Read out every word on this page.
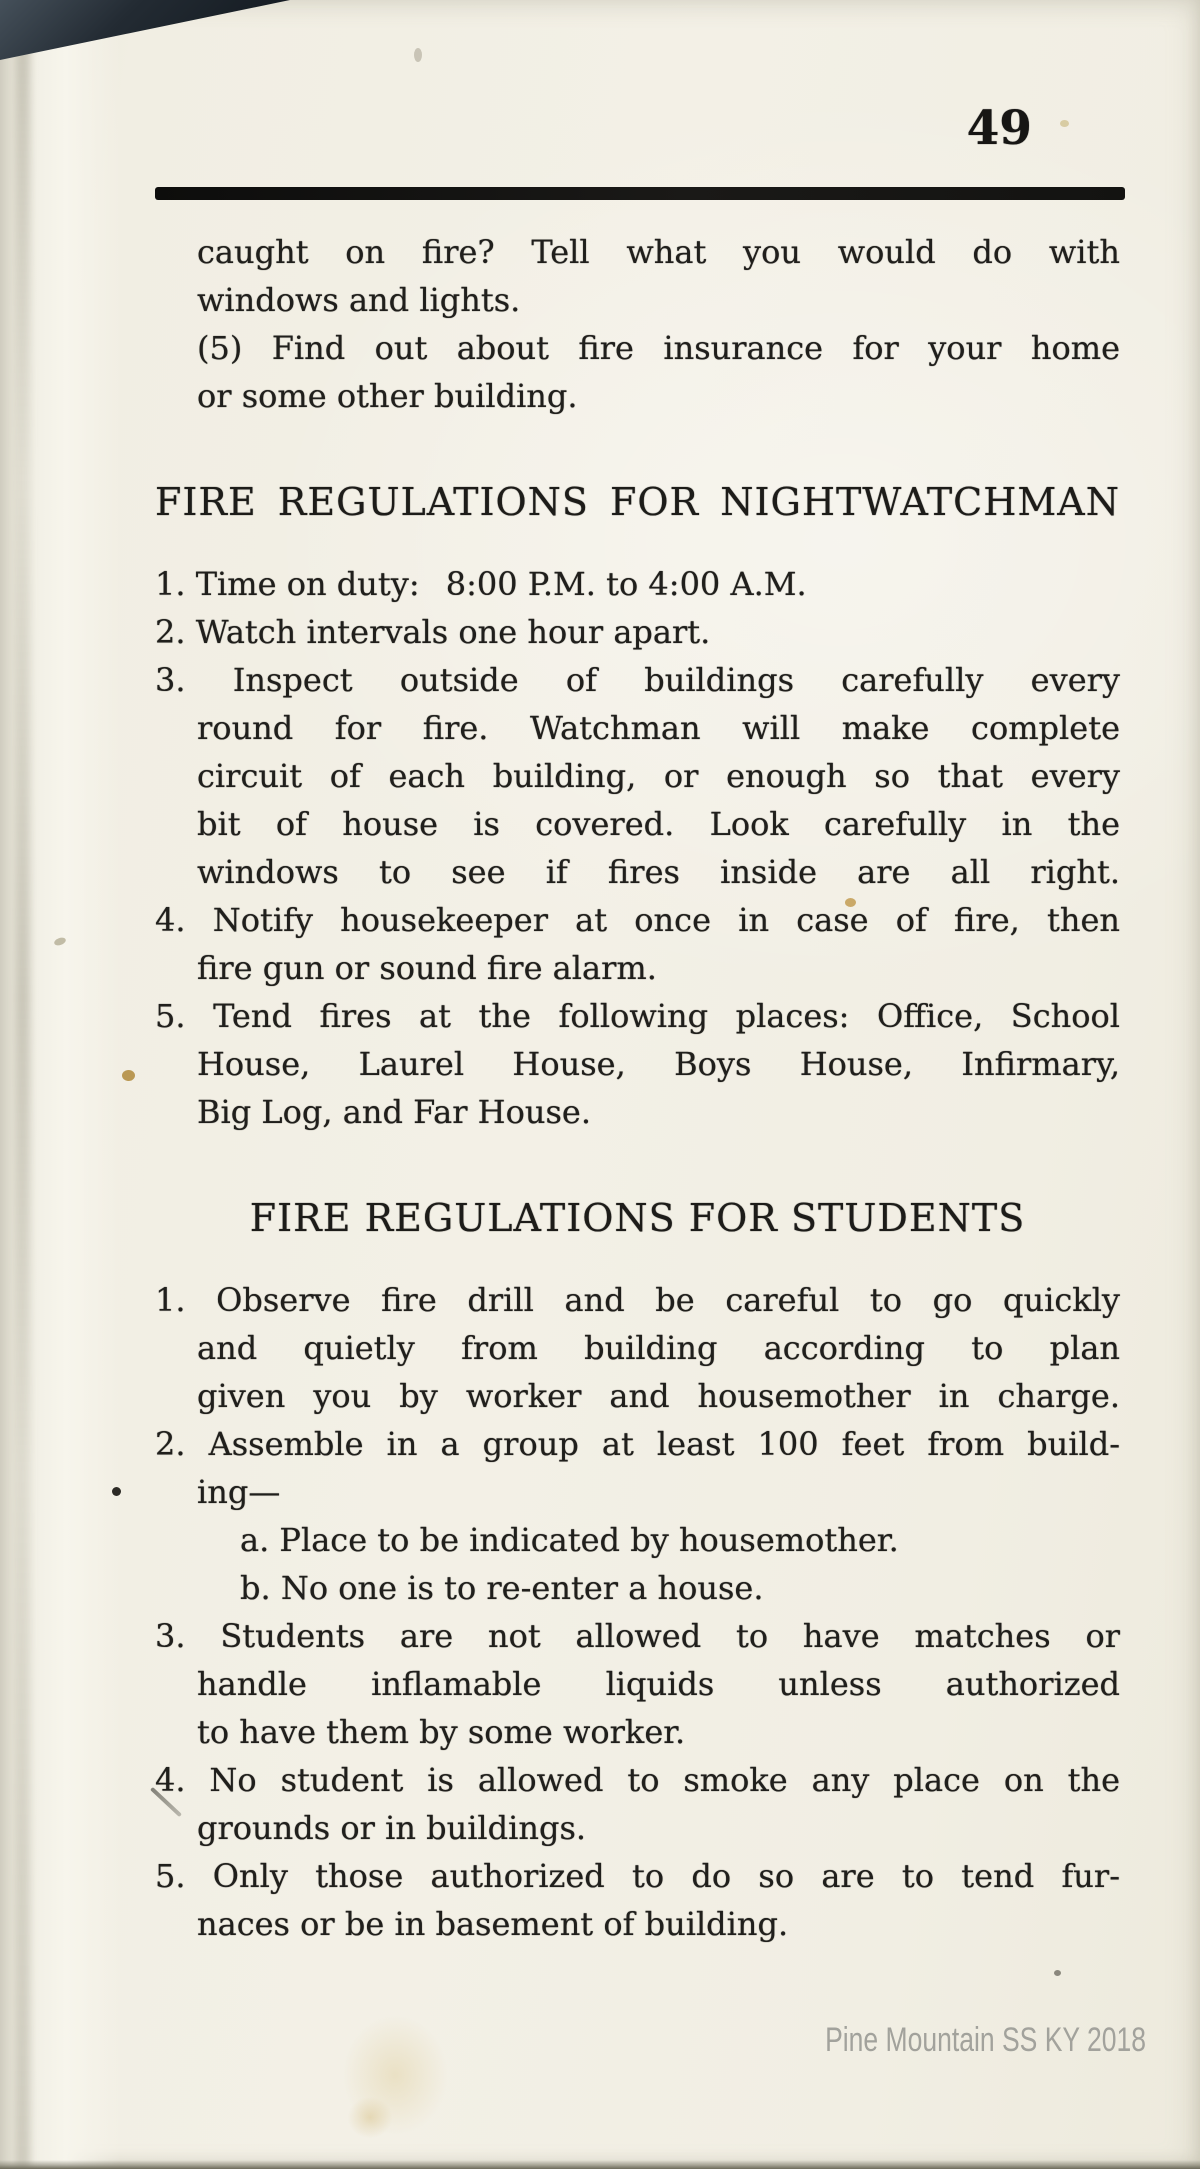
49
caught on fire? Tell what you would do with
windows and lights.
(5) Find out about fire insurance for your home
or some other building.
FIRE REGULATIONS FOR NIGHTWATCHMAN
1. Time on duty:  8:00 P.M. to 4:00 A.M.
2. Watch intervals one hour apart.
3. Inspect outside of buildings carefully every
round for fire. Watchman will make complete
circuit of each building, or enough so that every
bit of house is covered. Look carefully in the
windows to see if fires inside are all right.
4. Notify housekeeper at once in case of fire, then
fire gun or sound fire alarm.
5. Tend fires at the following places: Office, School
House, Laurel House, Boys House, Infirmary,
Big Log, and Far House.
FIRE REGULATIONS FOR STUDENTS
1. Observe fire drill and be careful to go quickly
and quietly from building according to plan
given you by worker and housemother in charge.
2. Assemble in a group at least 100 feet from build-
ing—
a. Place to be indicated by housemother.
b. No one is to re-enter a house.
3. Students are not allowed to have matches or
handle inflamable liquids unless authorized
to have them by some worker.
4. No student is allowed to smoke any place on the
grounds or in buildings.
5. Only those authorized to do so are to tend fur-
naces or be in basement of building.
Pine Mountain SS KY 2018
